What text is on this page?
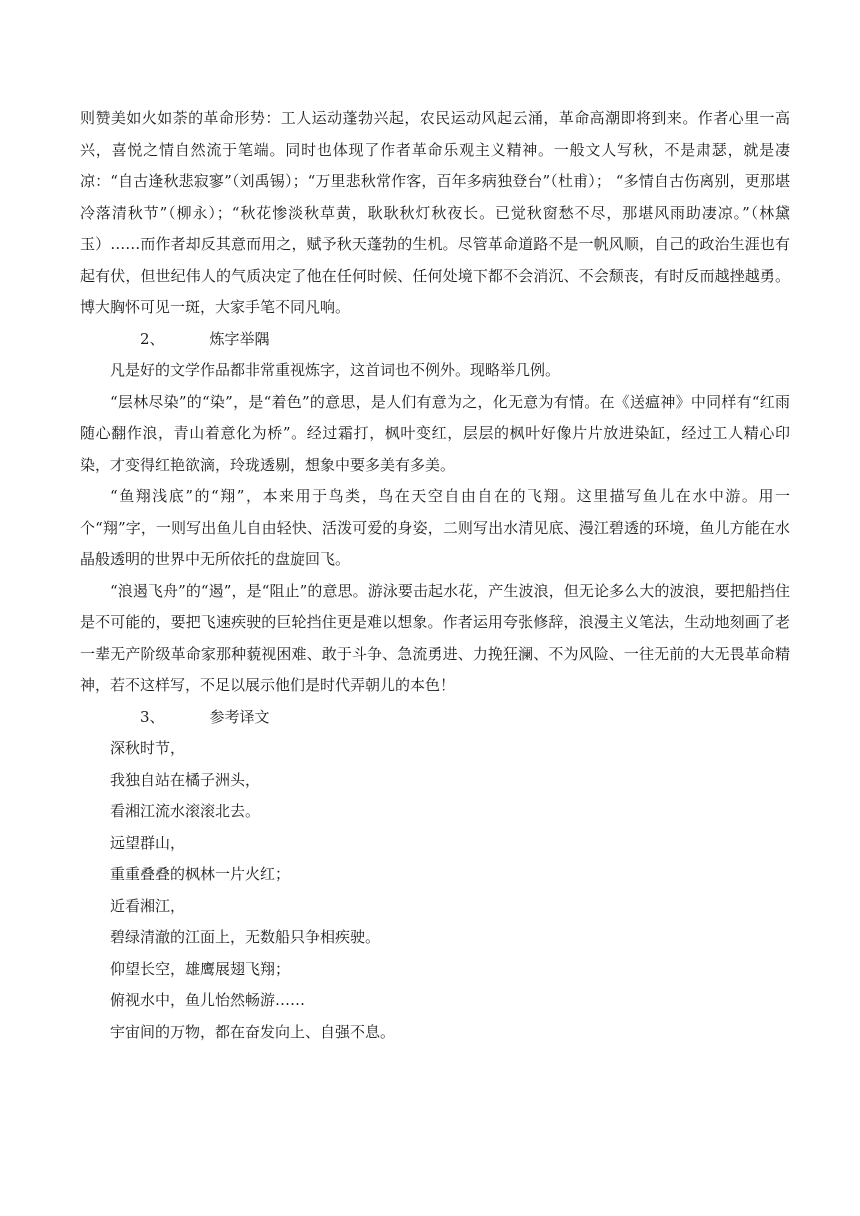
则赞美如火如荼的革命形势：工人运动蓬勃兴起，农民运动风起云涌，革命高潮即将到来。作者心里一高兴，喜悦之情自然流于笔端。同时也体现了作者革命乐观主义精神。一般文人写秋，不是肃瑟，就是凄凉：“自古逢秋悲寂寥”（刘禹锡）；“万里悲秋常作客，百年多病独登台”（杜甫）； “多情自古伤离别，更那堪冷落清秋节”（柳永）；“秋花惨淡秋草黄，耿耿秋灯秋夜长。已觉秋窗愁不尽，那堪风雨助凄凉。”（林黛玉）……而作者却反其意而用之，赋予秋天蓬勃的生机。尽管革命道路不是一帆风顺，自己的政治生涯也有起有伏，但世纪伟人的气质决定了他在任何时候、任何处境下都不会消沉、不会颓丧，有时反而越挫越勇。博大胸怀可见一斑，大家手笔不同凡响。

2、	炼字举隅

凡是好的文学作品都非常重视炼字，这首词也不例外。现略举几例。

“层林尽染”的“染”，是“着色”的意思，是人们有意为之，化无意为有情。在《送瘟神》中同样有“红雨随心翻作浪，青山着意化为桥”。经过霜打，枫叶变红，层层的枫叶好像片片放进染缸，经过工人精心印染，才变得红艳欲滴，玲珑透剔，想象中要多美有多美。

“鱼翔浅底”的“翔”，本来用于鸟类，鸟在天空自由自在的飞翔。这里描写鱼儿在水中游。用一个“翔”字，一则写出鱼儿自由轻快、活泼可爱的身姿，二则写出水清见底、漫江碧透的环境，鱼儿方能在水晶般透明的世界中无所依托的盘旋回飞。

“浪遏飞舟”的“遏”，是“阻止”的意思。游泳要击起水花，产生波浪，但无论多么大的波浪，要把船挡住是不可能的，要把飞速疾驶的巨轮挡住更是难以想象。作者运用夸张修辞，浪漫主义笔法，生动地刻画了老一辈无产阶级革命家那种藐视困难、敢于斗争、急流勇进、力挽狂澜、不为风险、一往无前的大无畏革命精神，若不这样写，不足以展示他们是时代弄朝儿的本色！

3、	参考译文

深秋时节，

我独自站在橘子洲头，

看湘江流水滚滚北去。

远望群山，

重重叠叠的枫林一片火红；

近看湘江，

碧绿清澈的江面上，无数船只争相疾驶。

仰望长空，雄鹰展翅飞翔；

俯视水中，鱼儿怡然畅游……

宇宙间的万物，都在奋发向上、自强不息。
